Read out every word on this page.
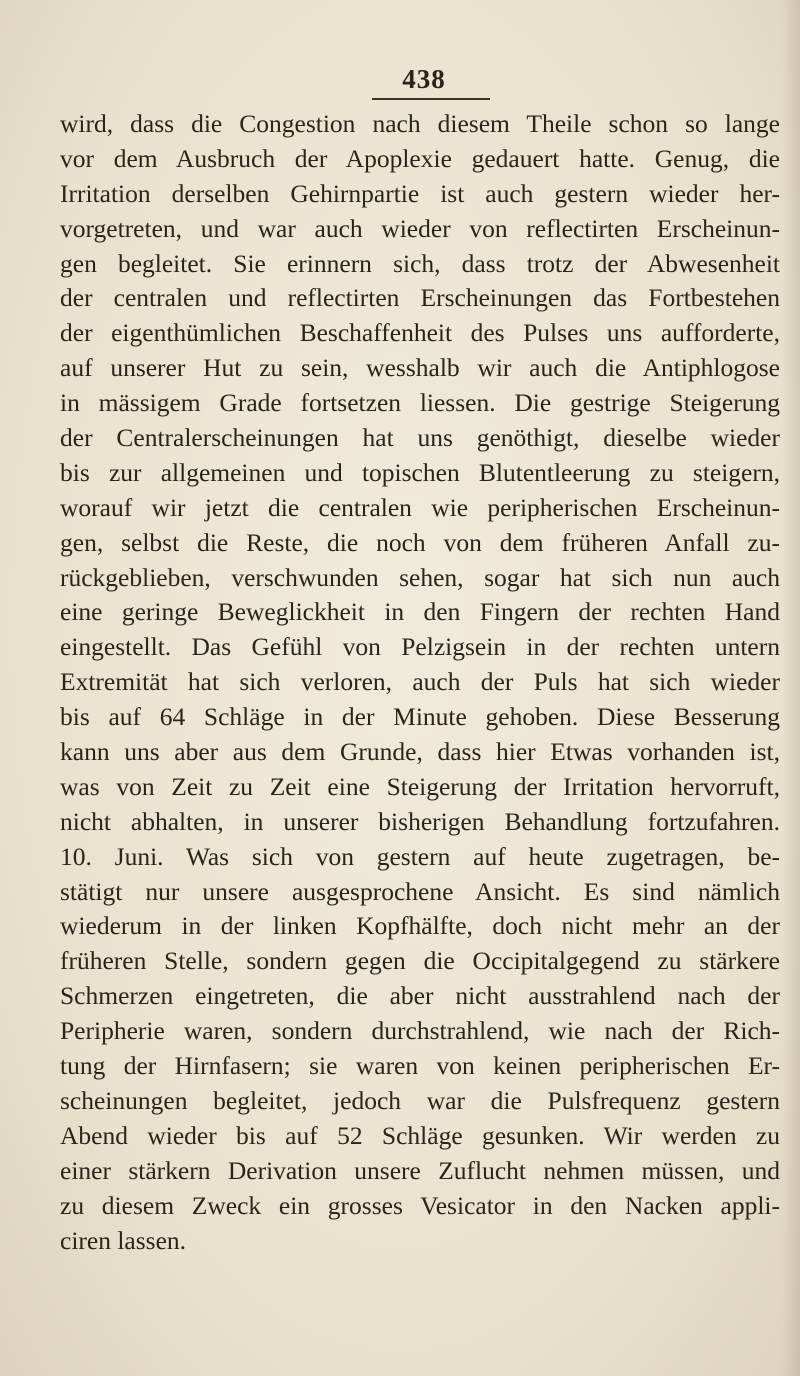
438
wird, dass die Congestion nach diesem Theile schon so lange
vor dem Ausbruch der Apoplexie gedauert hatte. Genug, die
Irritation derselben Gehirnpartie ist auch gestern wieder her-
vorgetreten, und war auch wieder von reflectirten Erscheinun-
gen begleitet. Sie erinnern sich, dass trotz der Abwesenheit
der centralen und reflectirten Erscheinungen das Fortbestehen
der eigenthümlichen Beschaffenheit des Pulses uns aufforderte,
auf unserer Hut zu sein, wesshalb wir auch die Antiphlogose
in mässigem Grade fortsetzen liessen. Die gestrige Steigerung
der Centralerscheinungen hat uns genöthigt, dieselbe wieder
bis zur allgemeinen und topischen Blutentleerung zu steigern,
worauf wir jetzt die centralen wie peripherischen Erscheinun-
gen, selbst die Reste, die noch von dem früheren Anfall zu-
rückgeblieben, verschwunden sehen, sogar hat sich nun auch
eine geringe Beweglickheit in den Fingern der rechten Hand
eingestellt. Das Gefühl von Pelzigsein in der rechten untern
Extremität hat sich verloren, auch der Puls hat sich wieder
bis auf 64 Schläge in der Minute gehoben. Diese Besserung
kann uns aber aus dem Grunde, dass hier Etwas vorhanden ist,
was von Zeit zu Zeit eine Steigerung der Irritation hervorruft,
nicht abhalten, in unserer bisherigen Behandlung fortzufahren.
10. Juni. Was sich von gestern auf heute zugetragen, be-
stätigt nur unsere ausgesprochene Ansicht. Es sind nämlich
wiederum in der linken Kopfhälfte, doch nicht mehr an der
früheren Stelle, sondern gegen die Occipitalgegend zu stärkere
Schmerzen eingetreten, die aber nicht ausstrahlend nach der
Peripherie waren, sondern durchstrahlend, wie nach der Rich-
tung der Hirnfasern; sie waren von keinen peripherischen Er-
scheinungen begleitet, jedoch war die Pulsfrequenz gestern
Abend wieder bis auf 52 Schläge gesunken. Wir werden zu
einer stärkern Derivation unsere Zuflucht nehmen müssen, und
zu diesem Zweck ein grosses Vesicator in den Nacken appli-
ciren lassen.
